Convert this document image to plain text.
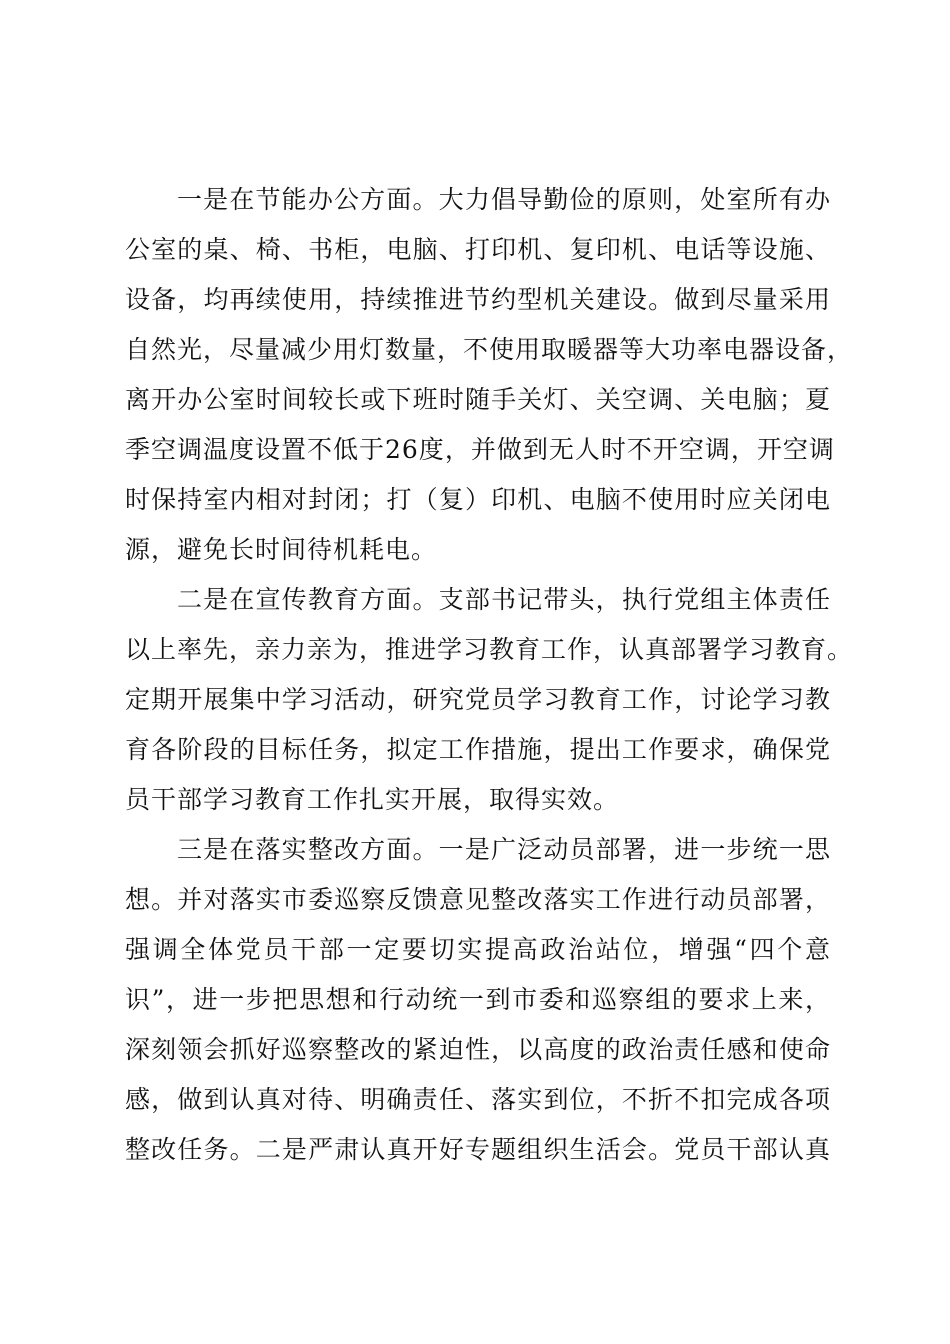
一是在节能办公方面。大力倡导勤俭的原则，处室所有办
公室的桌、椅、书柜，电脑、打印机、复印机、电话等设施、
设备，均再续使用，持续推进节约型机关建设。做到尽量采用
自然光，尽量减少用灯数量，不使用取暖器等大功率电器设备，
离开办公室时间较长或下班时随手关灯、关空调、关电脑；夏
季空调温度设置不低于26度，并做到无人时不开空调，开空调
时保持室内相对封闭；打（复）印机、电脑不使用时应关闭电
源，避免长时间待机耗电。
二是在宣传教育方面。支部书记带头，执行党组主体责任
以上率先，亲力亲为，推进学习教育工作，认真部署学习教育。
定期开展集中学习活动，研究党员学习教育工作，讨论学习教
育各阶段的目标任务，拟定工作措施，提出工作要求，确保党
员干部学习教育工作扎实开展，取得实效。
三是在落实整改方面。一是广泛动员部署，进一步统一思
想。并对落实市委巡察反馈意见整改落实工作进行动员部署，
强调全体党员干部一定要切实提高政治站位，增强“四个意
识”，进一步把思想和行动统一到市委和巡察组的要求上来，
深刻领会抓好巡察整改的紧迫性，以高度的政治责任感和使命
感，做到认真对待、明确责任、落实到位，不折不扣完成各项
整改任务。二是严肃认真开好专题组织生活会。党员干部认真
